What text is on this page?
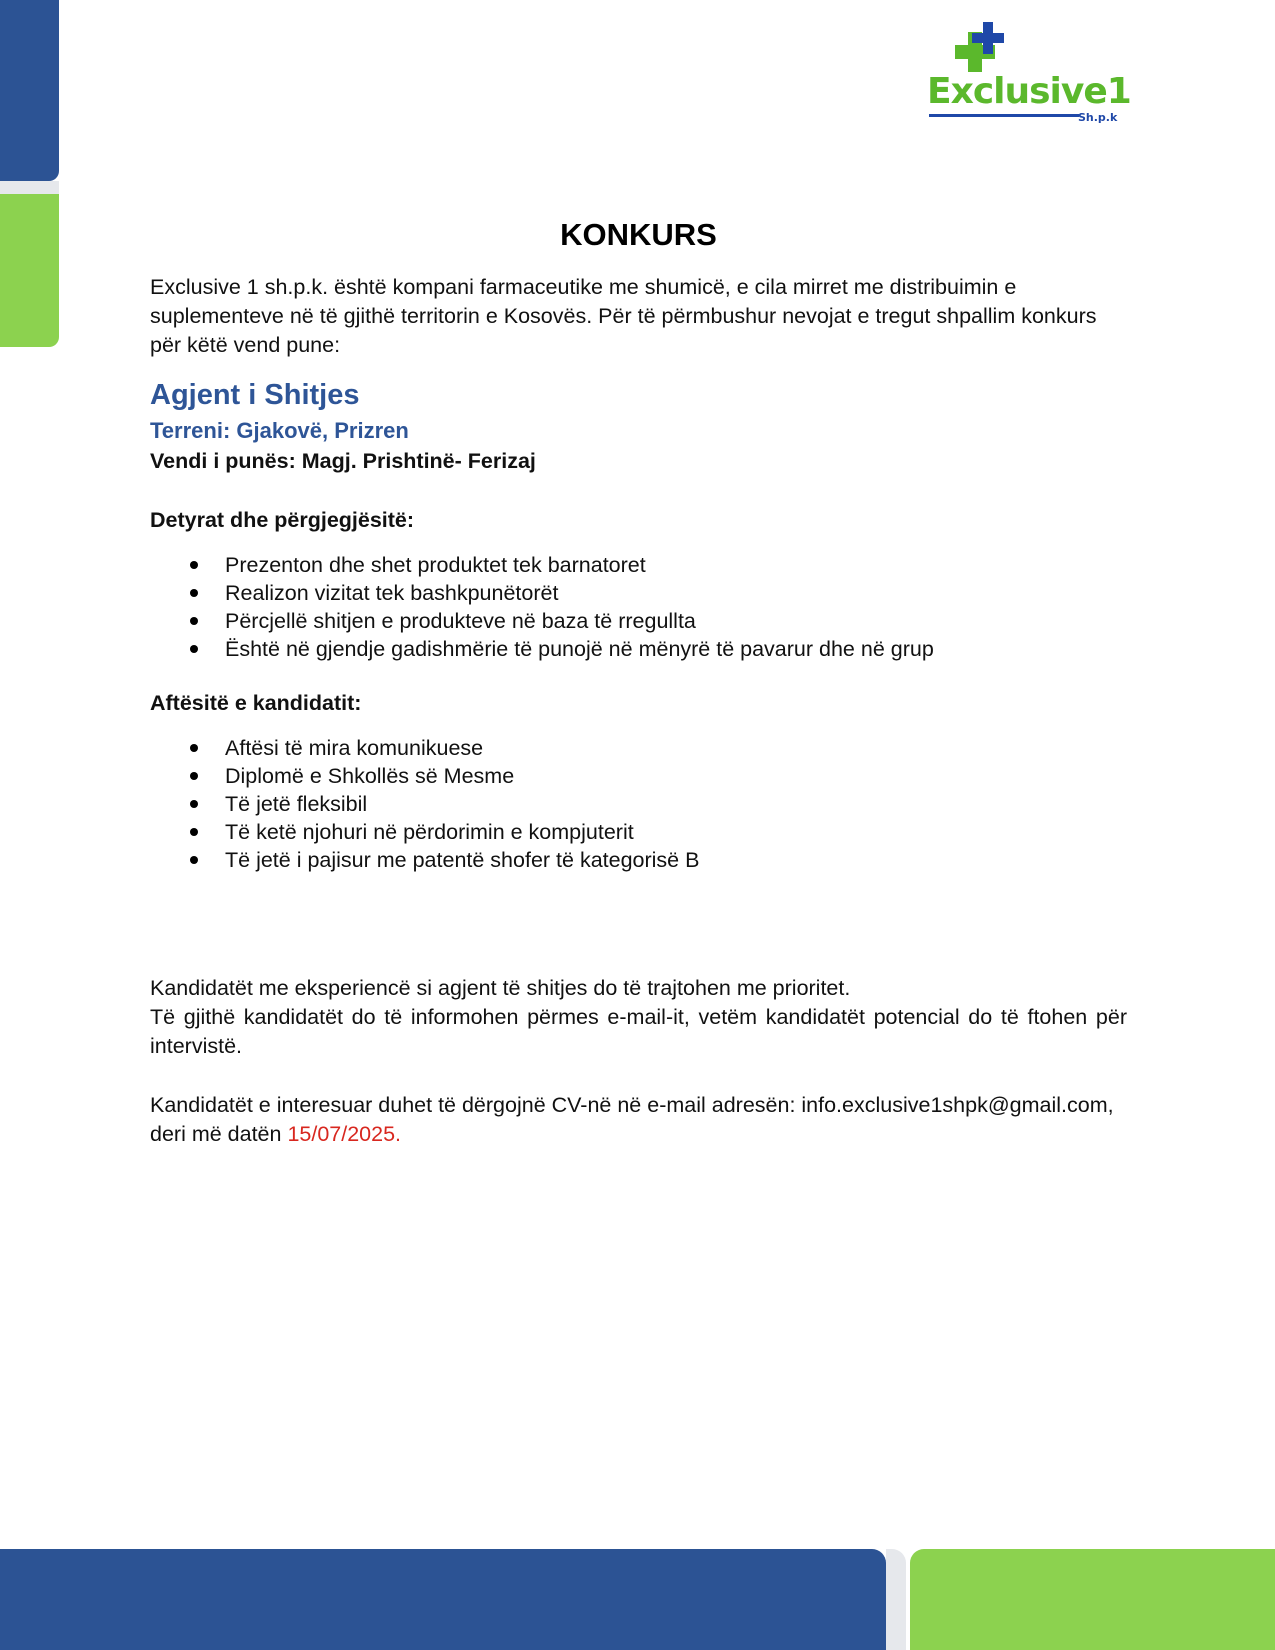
Exclusive1
Sh.p.k
KONKURS

Exclusive 1 sh.p.k. është kompani farmaceutike me shumicë, e cila mirret me distribuimin e suplementeve në të gjithë territorin e Kosovës. Për të përmbushur nevojat e tregut shpallim konkurs për këtë vend pune:

Agjent i Shitjes
Terreni: Gjakovë, Prizren
Vendi i punës: Magj. Prishtinë- Ferizaj
Detyrat dhe përgjegjësitë:
Prezenton dhe shet produktet tek barnatoret
Realizon vizitat tek bashkpunëtorët
Përcjellë shitjen e produkteve në baza të rregullta
Është në gjendje gadishmërie të punojë në mënyrë të pavarur dhe në grup
Aftësitë e kandidatit:
Aftësi të mira komunikuese
Diplomë e Shkollës së Mesme
Të jetë fleksibil
Të ketë njohuri në përdorimin e kompjuterit
Të jetë i pajisur me patentë shofer të kategorisë B

Kandidatët me eksperiencë si agjent të shitjes do të trajtohen me prioritet.

Të gjithë kandidatët do të informohen përmes e-mail-it, vetëm kandidatët potencial do të ftohen për intervistë.

Kandidatët e interesuar duhet të dërgojnë CV-në në e-mail adresën: info.exclusive1shpk@gmail.com,

deri më datën 15/07/2025.
